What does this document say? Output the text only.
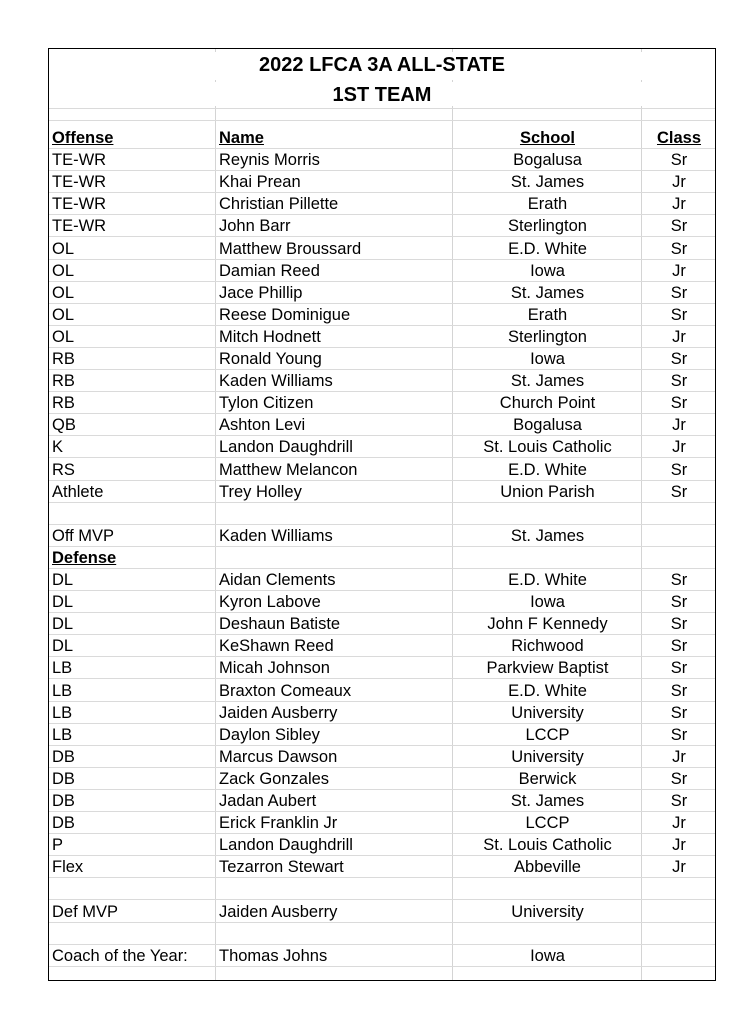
2022 LFCA 3A ALL-STATE
1ST TEAM
Offense	Name	School	Class
TE-WR	Reynis Morris	Bogalusa	Sr
TE-WR	Khai Prean	St. James	Jr
TE-WR	Christian Pillette	Erath	Jr
TE-WR	John Barr	Sterlington	Sr
OL	Matthew Broussard	E.D. White	Sr
OL	Damian Reed	Iowa	Jr
OL	Jace Phillip	St. James	Sr
OL	Reese Dominigue	Erath	Sr
OL	Mitch Hodnett	Sterlington	Jr
RB	Ronald Young	Iowa	Sr
RB	Kaden Williams	St. James	Sr
RB	Tylon Citizen	Church Point	Sr
QB	Ashton Levi	Bogalusa	Jr
K	Landon Daughdrill	St. Louis Catholic	Jr
RS	Matthew Melancon	E.D. White	Sr
Athlete	Trey Holley	Union Parish	Sr
Off MVP	Kaden Williams	St. James
Defense
DL	Aidan Clements	E.D. White	Sr
DL	Kyron Labove	Iowa	Sr
DL	Deshaun Batiste	John F Kennedy	Sr
DL	KeShawn Reed	Richwood	Sr
LB	Micah Johnson	Parkview Baptist	Sr
LB	Braxton Comeaux	E.D. White	Sr
LB	Jaiden Ausberry	University	Sr
LB	Daylon Sibley	LCCP	Sr
DB	Marcus Dawson	University	Jr
DB	Zack Gonzales	Berwick	Sr
DB	Jadan Aubert	St. James	Sr
DB	Erick Franklin Jr	LCCP	Jr
P	Landon Daughdrill	St. Louis Catholic	Jr
Flex	Tezarron Stewart	Abbeville	Jr
Def MVP	Jaiden Ausberry	University
Coach of the Year:	Thomas Johns	Iowa
